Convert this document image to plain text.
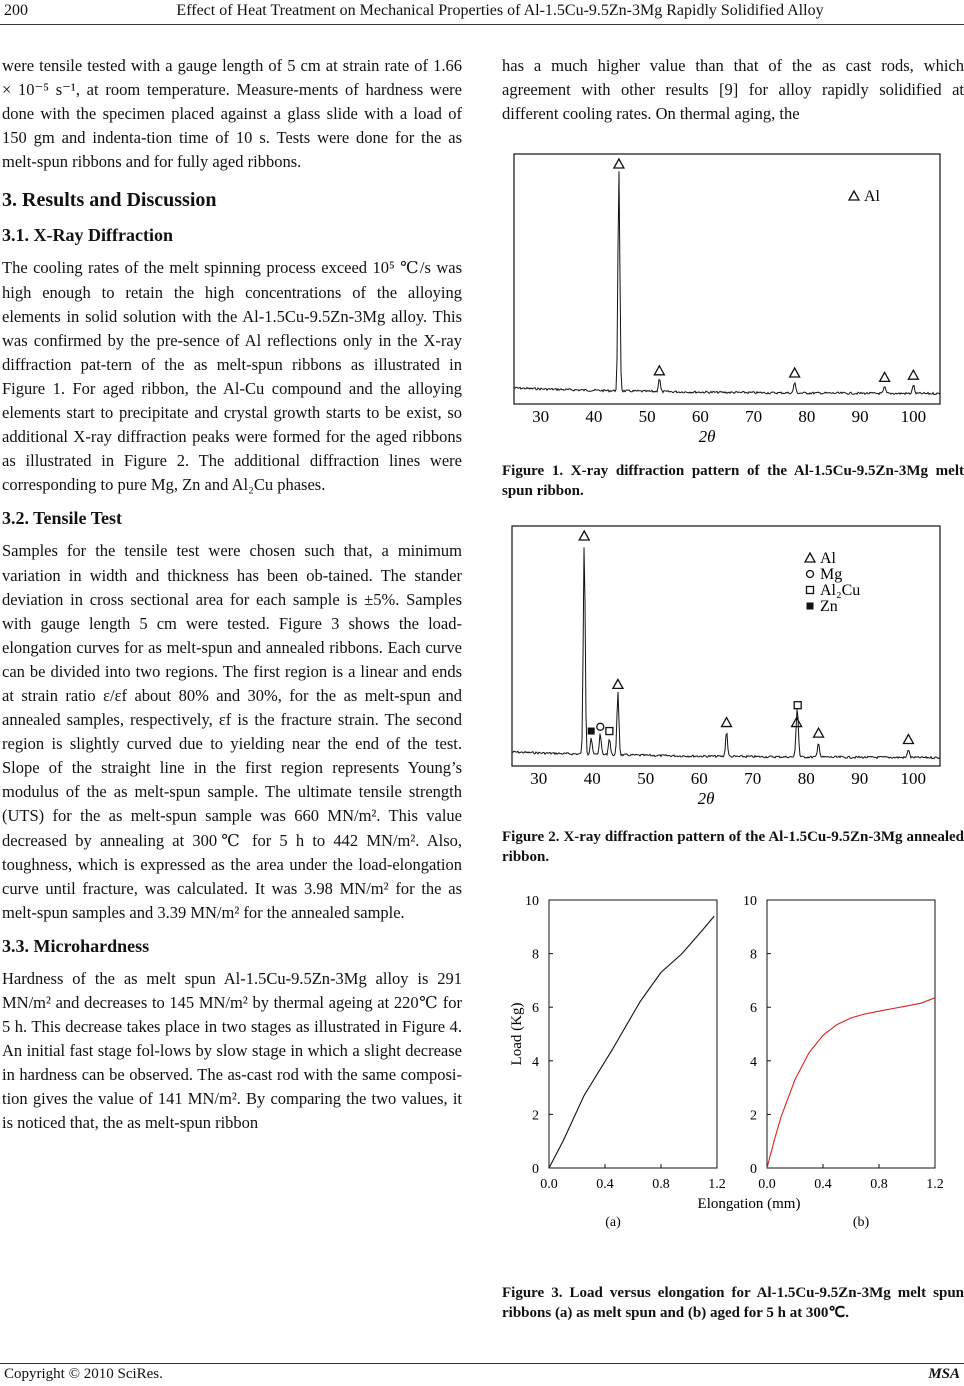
200	Effect of Heat Treatment on Mechanical Properties of Al-1.5Cu-9.5Zn-3Mg Rapidly Solidified Alloy

were tensile tested with a gauge length of 5 cm at strain rate of 1.66 × 10⁻⁵ s⁻¹, at room temperature. Measure-ments of hardness were done with the specimen placed against a glass slide with a load of 150 gm and indenta-tion time of 10 s. Tests were done for the as melt-spun ribbons and for fully aged ribbons.

3. Results and Discussion
3.1. X-Ray Diffraction

The cooling rates of the melt spinning process exceed 10⁵ ℃/s was high enough to retain the high concentrations of the alloying elements in solid solution with the Al-1.5Cu-9.5Zn-3Mg alloy. This was confirmed by the pre-sence of Al reflections only in the X-ray diffraction pat-tern of the as melt-spun ribbons as illustrated in Figure 1. For aged ribbon, the Al-Cu compound and the alloying elements start to precipitate and crystal growth starts to be exist, so additional X-ray diffraction peaks were formed for the aged ribbons as illustrated in Figure 2. The additional diffraction lines were corresponding to pure Mg, Zn and Al₂Cu phases.

3.2. Tensile Test

Samples for the tensile test were chosen such that, a minimum variation in width and thickness has been ob-tained. The stander deviation in cross sectional area for each sample is ±5%. Samples with gauge length 5 cm were tested. Figure 3 shows the load-elongation curves for as melt-spun and annealed ribbons. Each curve can be divided into two regions. The first region is a linear and ends at strain ratio ε/εf about 80% and 30%, for the as melt-spun and annealed samples, respectively, εf is the fracture strain. The second region is slightly curved due to yielding near the end of the test. Slope of the straight line in the first region represents Young’s modulus of the as melt-spun sample. The ultimate tensile strength (UTS) for the as melt-spun sample was 660 MN/m². This value decreased by annealing at 300℃ for 5 h to 442 MN/m². Also, toughness, which is expressed as the area under the load-elongation curve until fracture, was calculated. It was 3.98 MN/m² for the as melt-spun samples and 3.39 MN/m² for the annealed sample.

3.3. Microhardness

Hardness of the as melt spun Al-1.5Cu-9.5Zn-3Mg alloy is 291 MN/m² and decreases to 145 MN/m² by thermal ageing at 220℃ for 5 h. This decrease takes place in two stages as illustrated in Figure 4. An initial fast stage fol-lows by slow stage in which a slight decrease in hardness can be observed. The as-cast rod with the same composi-tion gives the value of 141 MN/m². By comparing the two values, it is noticed that, the as melt-spun ribbon

has a much higher value than that of the as cast rods, which agreement with other results [9] for alloy rapidly solidified at different cooling rates. On thermal aging, the

30 40 50 60 70 80 90 100
2θ
Al
Figure 1. X-ray diffraction pattern of the Al-1.5Cu-9.5Zn-3Mg melt spun ribbon.
30 40 50 60 70 80 90 100
2θ
Al
Mg
Al₂Cu
Zn
Figure 2. X-ray diffraction pattern of the Al-1.5Cu-9.5Zn-3Mg annealed ribbon.
0
2
4
6
8
10
0.0	0.4	0.8	1.2
(a)
0
2
4
6
8
10
0.0	0.4	0.8	1.2
(b)
Load (Kg)
Elongation (mm)
Figure 3. Load versus elongation for Al-1.5Cu-9.5Zn-3Mg melt spun ribbons (a) as melt spun and (b) aged for 5 h at 300℃.
Copyright © 2010 SciRes.	MSA
